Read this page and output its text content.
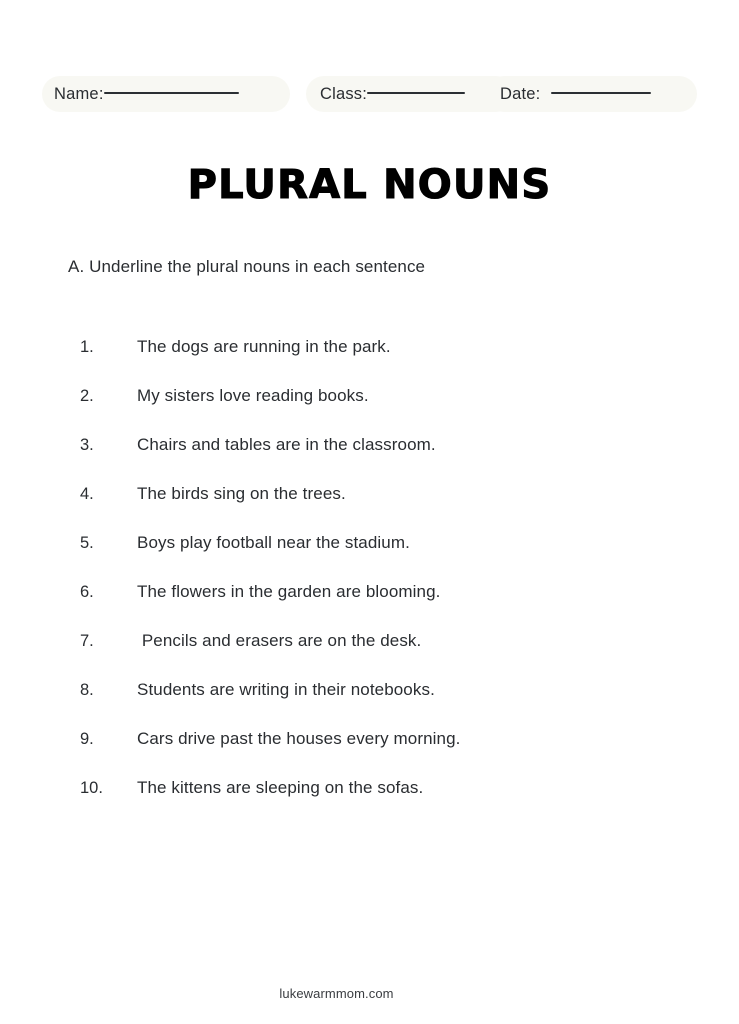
Name:	Class:	Date:
PLURAL NOUNS
A. Underline the plural nouns in each sentence
1.	The dogs are running in the park.
2.	My sisters love reading books.
3.	Chairs and tables are in the classroom.
4.	The birds sing on the trees.
5.	Boys play football near the stadium.
6.	The flowers in the garden are blooming.
7.	Pencils and erasers are on the desk.
8.	Students are writing in their notebooks.
9.	Cars drive past the houses every morning.
10.	The kittens are sleeping on the sofas.
lukewarmmom.com
